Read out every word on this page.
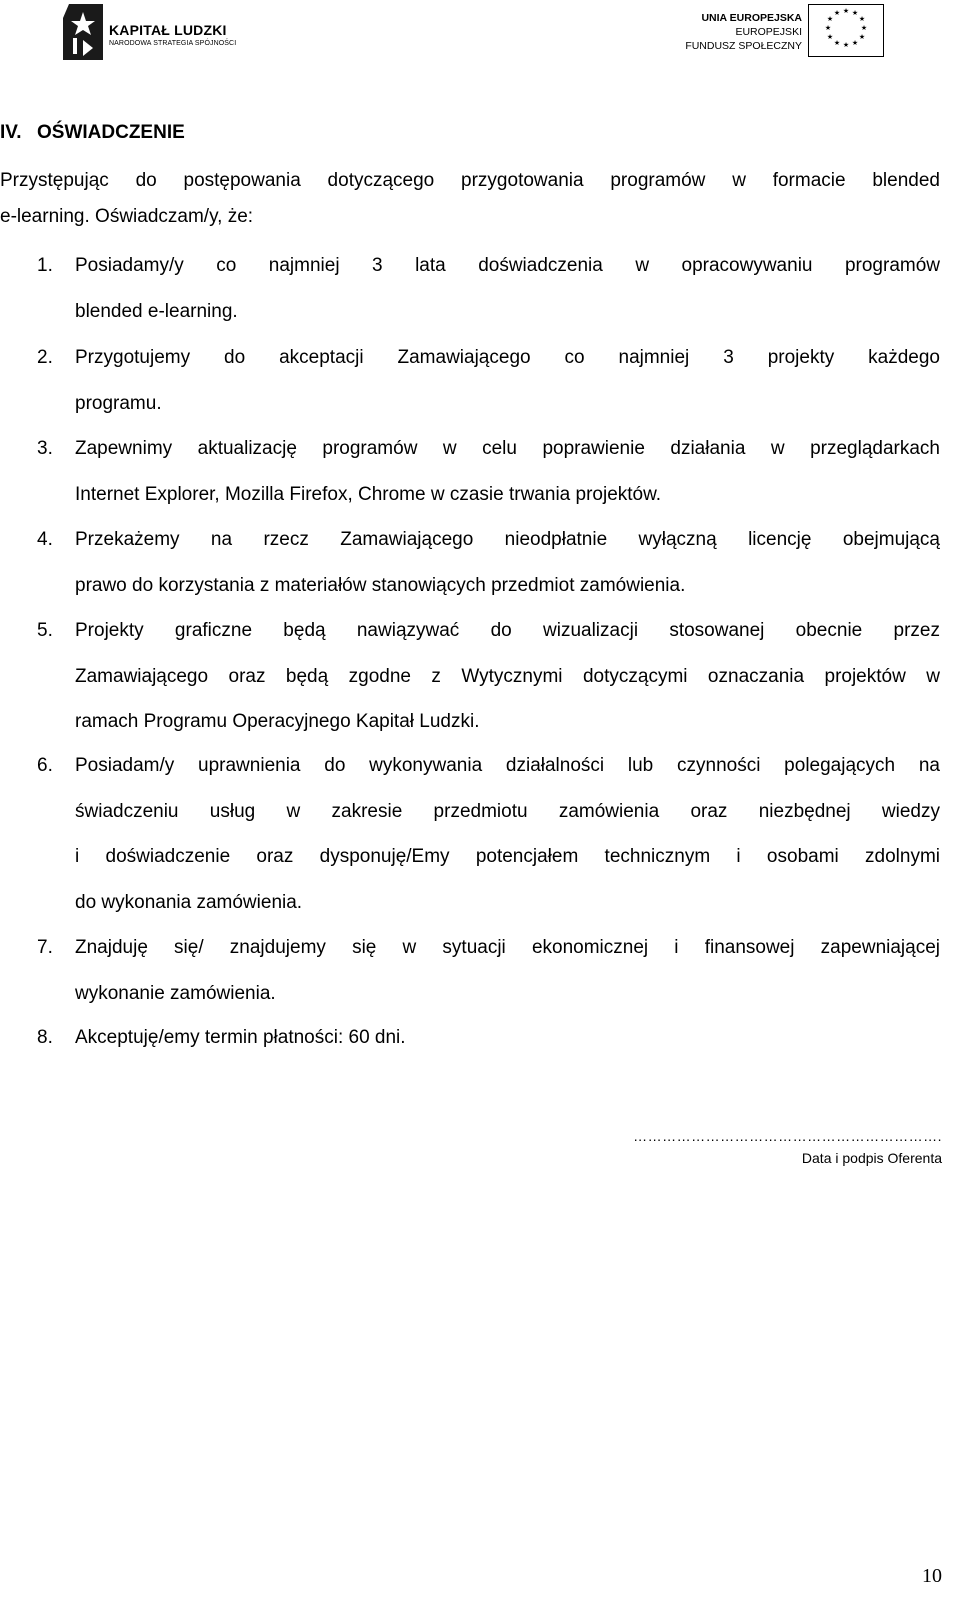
KAPITAŁ LUDZKI
NARODOWA STRATEGIA SPÓJNOŚCI
UNIA EUROPEJSKA
EUROPEJSKI
FUNDUSZ SPOŁECZNY
★ ★
★
★
★
★
★
★
★
★
★
★
IV. OŚWIADCZENIE
Przystępując do postępowania dotyczącego przygotowania programów w formacie blended
e-learning. Oświadczam/y, że:
1. Posiadamy/y co najmniej 3 lata doświadczenia w opracowywaniu programów
blended e-learning.
2. Przygotujemy do akceptacji Zamawiającego co najmniej 3 projekty każdego
programu.
3. Zapewnimy aktualizację programów w celu poprawienie działania w przeglądarkach
Internet Explorer, Mozilla Firefox, Chrome w czasie trwania projektów.
4. Przekażemy na rzecz Zamawiającego nieodpłatnie wyłączną licencję obejmującą
prawo do korzystania z materiałów stanowiących przedmiot zamówienia.
5. Projekty graficzne będą nawiązywać do wizualizacji stosowanej obecnie przez
Zamawiającego oraz będą zgodne z Wytycznymi dotyczącymi oznaczania projektów w
ramach Programu Operacyjnego Kapitał Ludzki.
6. Posiadam/y uprawnienia do wykonywania działalności lub czynności polegających na
świadczeniu usług w zakresie przedmiotu zamówienia oraz niezbędnej wiedzy
i doświadczenie oraz dysponuję/Emy potencjałem technicznym i osobami zdolnymi
do wykonania zamówienia.
7. Znajduję się/ znajdujemy się w sytuacji ekonomicznej i finansowej zapewniającej
wykonanie zamówienia.
8. Akceptuję/emy termin płatności: 60 dni.
……………………………………………………….
Data i podpis Oferenta
10
